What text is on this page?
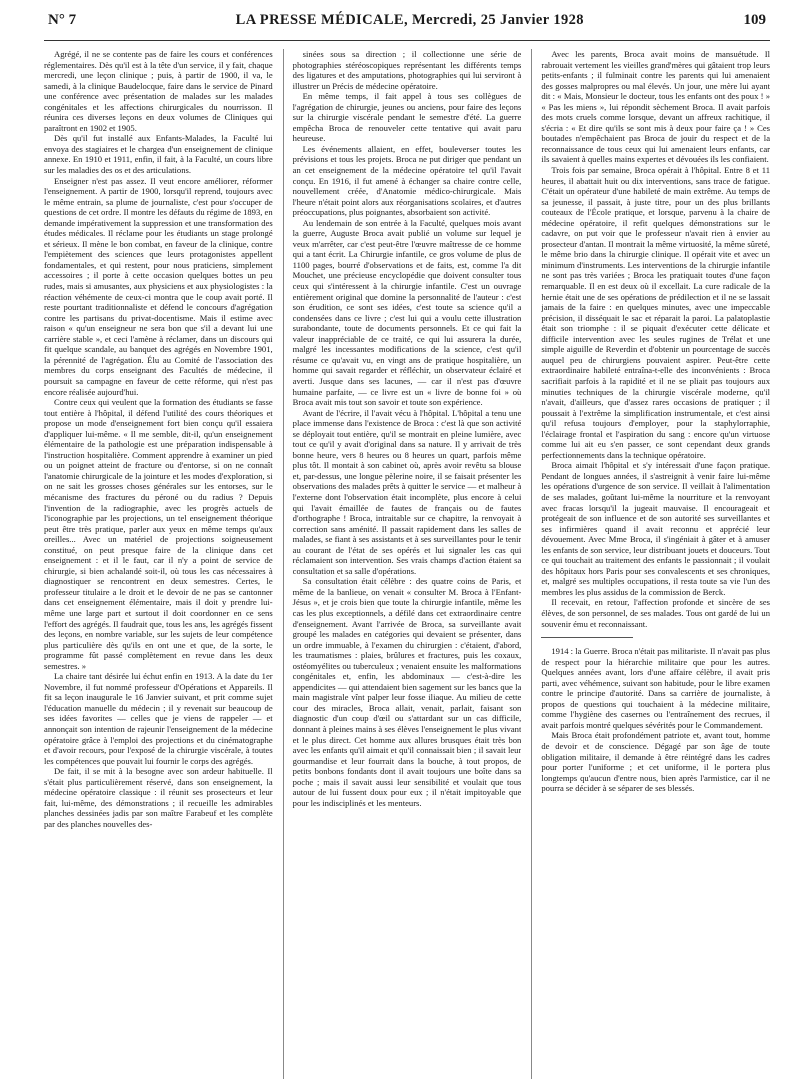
N° 7	LA PRESSE MÉDICALE, Mercredi, 25 Janvier 1928	109

Agrégé, il ne se contente pas de faire les cours et conférences réglementaires. Dès qu'il est à la tête d'un service, il y fait, chaque mercredi, une leçon clinique ; puis, à partir de 1900, il va, le samedi, à la clinique Baudelocque, faire dans le service de Pinard une conférence avec présentation de malades sur les malades congénitales et les affections chirurgicales du nourrisson. Il réunira ces diverses leçons en deux volumes de Cliniques qui paraîtront en 1902 et 1905.

Dès qu'il fut installé aux Enfants-Malades, la Faculté lui envoya des stagiaires et le chargea d'un enseignement de clinique annexe. En 1910 et 1911, enfin, il fait, à la Faculté, un cours libre sur les maladies des os et des articulations.

Enseigner n'est pas assez. Il veut encore améliorer, réformer l'enseignement. A partir de 1900, lorsqu'il reprend, toujours avec le même entrain, sa plume de journaliste, c'est pour s'occuper de questions de cet ordre. Il montre les défauts du régime de 1893, en demande impérativement la suppression et une transformation des études médicales. Il réclame pour les étudiants un stage prolongé et sérieux. Il mène le bon combat, en faveur de la clinique, contre l'empiètement des sciences que leurs protagonistes appellent fondamentales, et qui restent, pour nous praticiens, simplement accessoires ; il porte à cette occasion quelques bottes un peu rudes, mais si amusantes, aux physiciens et aux physiologistes : la réaction véhémente de ceux-ci montra que le coup avait porté. Il reste pourtant traditionnaliste et défend le concours d'agrégation contre les partisans du privat-docentisme. Mais il estime avec raison « qu'un enseigneur ne sera bon que s'il a devant lui une carrière stable », et ceci l'amène à réclamer, dans un discours qui fit quelque scandale, au banquet des agrégés en Novembre 1901, la pérennité de l'agrégation. Élu au Comité de l'association des membres du corps enseignant des Facultés de médecine, il poursuit sa campagne en faveur de cette réforme, qui n'est pas encore réalisée aujourd'hui.

Contre ceux qui veulent que la formation des étudiants se fasse tout entière à l'hôpital, il défend l'utilité des cours théoriques et propose un mode d'enseignement fort bien conçu qu'il essaiera d'appliquer lui-même. « Il me semble, dit-il, qu'un enseignement élémentaire de la pathologie est une préparation indispensable à l'instruction hospitalière. Comment apprendre à examiner un pied ou un poignet atteint de fracture ou d'entorse, si on ne connaît l'anatomie chirurgicale de la jointure et les modes d'exploration, si on ne sait les grosses choses générales sur les entorses, sur le mécanisme des fractures du péroné ou du radius ? Depuis l'invention de la radiographie, avec les progrès actuels de l'iconographie par les projections, un tel enseignement théorique peut être très pratique, parler aux yeux en même temps qu'aux oreilles... Avec un matériel de projections soigneusement constitué, on peut presque faire de la clinique dans cet enseignement : et il le faut, car il n'y a point de service de chirurgie, si bien achalandé soit-il, où tous les cas nécessaires à diagnostiquer se rencontrent en deux semestres. Certes, le professeur titulaire a le droit et le devoir de ne pas se cantonner dans cet enseignement élémentaire, mais il doit y prendre lui-même une large part et surtout il doit coordonner en ce sens l'effort des agrégés. Il faudrait que, tous les ans, les agrégés fissent des leçons, en nombre variable, sur les sujets de leur compétence plus particulière dès qu'ils en ont une et que, de la sorte, le programme fût passé complètement en revue dans les deux semestres. »

La chaire tant désirée lui échut enfin en 1913. A la date du 1er Novembre, il fut nommé professeur d'Opérations et Appareils. Il fit sa leçon inaugurale le 16 Janvier suivant, et prit comme sujet l'éducation manuelle du médecin ; il y revenait sur beaucoup de ses idées favorites — celles que je viens de rappeler — et annonçait son intention de rajeunir l'enseignement de la médecine opératoire grâce à l'emploi des projections et du cinématographe et d'avoir recours, pour l'exposé de la chirurgie viscérale, à toutes les compétences que pouvait lui fournir le corps des agrégés.

De fait, il se mit à la besogne avec son ardeur habituelle. Il s'était plus particulièrement réservé, dans son enseignement, la médecine opératoire classique : il réunit ses prosecteurs et leur fait, lui-même, des démonstrations ; il recueille les admirables planches dessinées jadis par son maître Farabeuf et les complète par des planches nouvelles des-

sinées sous sa direction ; il collectionne une série de photographies stéréoscopiques représentant les différents temps des ligatures et des amputations, photographies qui lui serviront à illustrer un Précis de médecine opératoire.

En même temps, il fait appel à tous ses collègues de l'agrégation de chirurgie, jeunes ou anciens, pour faire des leçons sur la chirurgie viscérale pendant le semestre d'été. La guerre empêcha Broca de renouveler cette tentative qui avait paru heureuse.

Les événements allaient, en effet, bouleverser toutes les prévisions et tous les projets. Broca ne put diriger que pendant un an cet enseignement de la médecine opératoire tel qu'il l'avait conçu. En 1916, il fut amené à échanger sa chaire contre celle, nouvellement créée, d'Anatomie médico-chirurgicale. Mais l'heure n'était point alors aux réorganisations scolaires, et d'autres préoccupations, plus poignantes, absorbaient son activité.

Au lendemain de son entrée à la Faculté, quelques mois avant la guerre, Auguste Broca avait publié un volume sur lequel je veux m'arrêter, car c'est peut-être l'œuvre maîtresse de ce homme qui a tant écrit. La Chirurgie infantile, ce gros volume de plus de 1100 pages, bourré d'observations et de faits, est, comme l'a dit Mouchet, une précieuse encyclopédie que doivent consulter tous ceux qui s'intéressent à la chirurgie infantile. C'est un ouvrage entièrement original que domine la personnalité de l'auteur : c'est son érudition, ce sont ses idées, c'est toute sa science qu'il a condensées dans ce livre ; c'est lui qui a voulu cette illustration surabondante, toute de documents personnels. Et ce qui fait la valeur inappréciable de ce traité, ce qui lui assurera la durée, malgré les incessantes modifications de la science, c'est qu'il résume ce qu'avait vu, en vingt ans de pratique hospitalière, un homme qui savait regarder et réfléchir, un observateur éclairé et averti. Jusque dans ses lacunes, — car il n'est pas d'œuvre humaine parfaite, — ce livre est un « livre de bonne foi » où Broca avait mis tout son savoir et toute son expérience.

Avant de l'écrire, il l'avait vécu à l'hôpital. L'hôpital a tenu une place immense dans l'existence de Broca : c'est là que son activité se déployait tout entière, qu'il se montrait en pleine lumière, avec tout ce qu'il y avait d'original dans sa nature. Il y arrivait de très bonne heure, vers 8 heures ou 8 heures un quart, parfois même plus tôt. Il montait à son cabinet où, après avoir revêtu sa blouse et, par-dessus, une longue pèlerine noire, il se faisait présenter les observations des malades prêts à quitter le service — et malheur à l'externe dont l'observation était incomplète, plus encore à celui qui l'avait émaillée de fautes de français ou de fautes d'orthographe ! Broca, intraitable sur ce chapitre, la renvoyait à correction sans aménité. Il passait rapidement dans les salles de malades, se fiant à ses assistants et à ses surveillantes pour le tenir au courant de l'état de ses opérés et lui signaler les cas qui réclamaient son intervention. Ses vrais champs d'action étaient sa consultation et sa salle d'opérations.

Sa consultation était célèbre : des quatre coins de Paris, et même de la banlieue, on venait « consulter M. Broca à l'Enfant-Jésus », et je crois bien que toute la chirurgie infantile, même les cas les plus exceptionnels, a défilé dans cet extraordinaire centre d'enseignement. Avant l'arrivée de Broca, sa surveillante avait groupé les malades en catégories qui devaient se présenter, dans un ordre immuable, à l'examen du chirurgien : c'étaient, d'abord, les traumatismes : plaies, brûlures et fractures, puis les coxaux, ostéomyélites ou tuberculeux ; venaient ensuite les malformations congénitales et, enfin, les abdominaux — c'est-à-dire les appendicites — qui attendaient bien sagement sur les bancs que la main magistrale vînt palper leur fosse iliaque. Au milieu de cette cour des miracles, Broca allait, venait, parlait, faisant son diagnostic d'un coup d'œil ou s'attardant sur un cas difficile, donnant à pleines mains à ses élèves l'enseignement le plus vivant et le plus direct. Cet homme aux allures brusques était très bon avec les enfants qu'il aimait et qu'il connaissait bien ; il savait leur gourmandise et leur fourrait dans la bouche, à tout propos, de petits bonbons fondants dont il avait toujours une boîte dans sa poche ; mais il savait aussi leur sensibilité et voulait que tous autour de lui fussent doux pour eux ; il n'était impitoyable que pour les indisciplinés et les menteurs.

Avec les parents, Broca avait moins de mansuétude. Il rabrouait vertement les vieilles grand'mères qui gâtaient trop leurs petits-enfants ; il fulminait contre les parents qui lui amenaient des gosses malpropres ou mal élevés. Un jour, une mère lui ayant dit : « Mais, Monsieur le docteur, tous les enfants ont des poux ! » « Pas les miens », lui répondit sèchement Broca. Il avait parfois des mots cruels comme lorsque, devant un affreux rachitique, il s'écria : « Et dire qu'ils se sont mis à deux pour faire ça ! » Ces boutades n'empêchaient pas Broca de jouir du respect et de la reconnaissance de tous ceux qui lui amenaient leurs enfants, car ils savaient à quelles mains expertes et dévouées ils les confiaient.

Trois fois par semaine, Broca opérait à l'hôpital. Entre 8 et 11 heures, il abattait huit ou dix interventions, sans trace de fatigue. C'était un opérateur d'une habileté de main extrême. Au temps de sa jeunesse, il passait, à juste titre, pour un des plus brillants couteaux de l'École pratique, et lorsque, parvenu à la chaire de médecine opératoire, il refit quelques démonstrations sur le cadavre, on put voir que le professeur n'avait rien à envier au prosecteur d'antan. Il montrait la même virtuosité, la même sûreté, le même brio dans la chirurgie clinique. Il opérait vite et avec un minimum d'instruments. Les interventions de la chirurgie infantile ne sont pas très variées ; Broca les pratiquait toutes d'une façon remarquable. Il en est deux où il excellait. La cure radicale de la hernie était une de ses opérations de prédilection et il ne se lassait jamais de la faire : en quelques minutes, avec une impeccable précision, il disséquait le sac et réparait la paroi. La palatoplastie était son triomphe : il se piquait d'exécuter cette délicate et difficile intervention avec les seules rugines de Trélat et une simple aiguille de Reverdin et d'obtenir un pourcentage de succès auquel peu de chirurgiens pouvaient aspirer. Peut-être cette extraordinaire habileté entraîna-t-elle des inconvénients : Broca sacrifiait parfois à la rapidité et il ne se pliait pas toujours aux minuties techniques de la chirurgie viscérale moderne, qu'il n'avait, d'ailleurs, que d'assez rares occasions de pratiquer ; il poussait à l'extrême la simplification instrumentale, et c'est ainsi qu'il refusa toujours d'employer, pour la staphylorraphie, l'éclairage frontal et l'aspiration du sang : encore qu'un virtuose comme lui ait eu s'en passer, ce sont cependant deux grands perfectionnements dans la technique opératoire.

Broca aimait l'hôpital et s'y intéressait d'une façon pratique. Pendant de longues années, il s'astreignit à venir faire lui-même les opérations d'urgence de son service. Il veillait à l'alimentation de ses malades, goûtant lui-même la nourriture et la renvoyant avec fracas lorsqu'il la jugeait mauvaise. Il encourageait et protégeait de son influence et de son autorité ses surveillantes et ses infirmières quand il avait reconnu et apprécié leur dévouement. Avec Mme Broca, il s'ingéniait à gâter et à amuser les enfants de son service, leur distribuant jouets et douceurs. Tout ce qui touchait au traitement des enfants le passionnait ; il voulait des hôpitaux hors Paris pour ses convalescents et ses chroniques, et, malgré ses multiples occupations, il resta toute sa vie l'un des membres les plus assidus de la commission de Berck.

Il recevait, en retour, l'affection profonde et sincère de ses élèves, de son personnel, de ses malades. Tous ont gardé de lui un souvenir ému et reconnaissant.

1914 : la Guerre. Broca n'était pas militariste. Il n'avait pas plus de respect pour la hiérarchie militaire que pour les autres. Quelques années avant, lors d'une affaire célèbre, il avait pris parti, avec véhémence, suivant son habitude, pour le libre examen contre le principe d'autorité. Dans sa carrière de journaliste, à propos de questions qui touchaient à la médecine militaire, comme l'hygiène des casernes ou l'entraînement des recrues, il avait parfois montré quelques sévérités pour le Commandement.

Mais Broca était profondément patriote et, avant tout, homme de devoir et de conscience. Dégagé par son âge de toute obligation militaire, il demande à être réintégré dans les cadres pour porter l'uniforme ; et cet uniforme, il le portera plus longtemps qu'aucun d'entre nous, bien après l'armistice, car il ne pourra se décider à se séparer de ses blessés.
